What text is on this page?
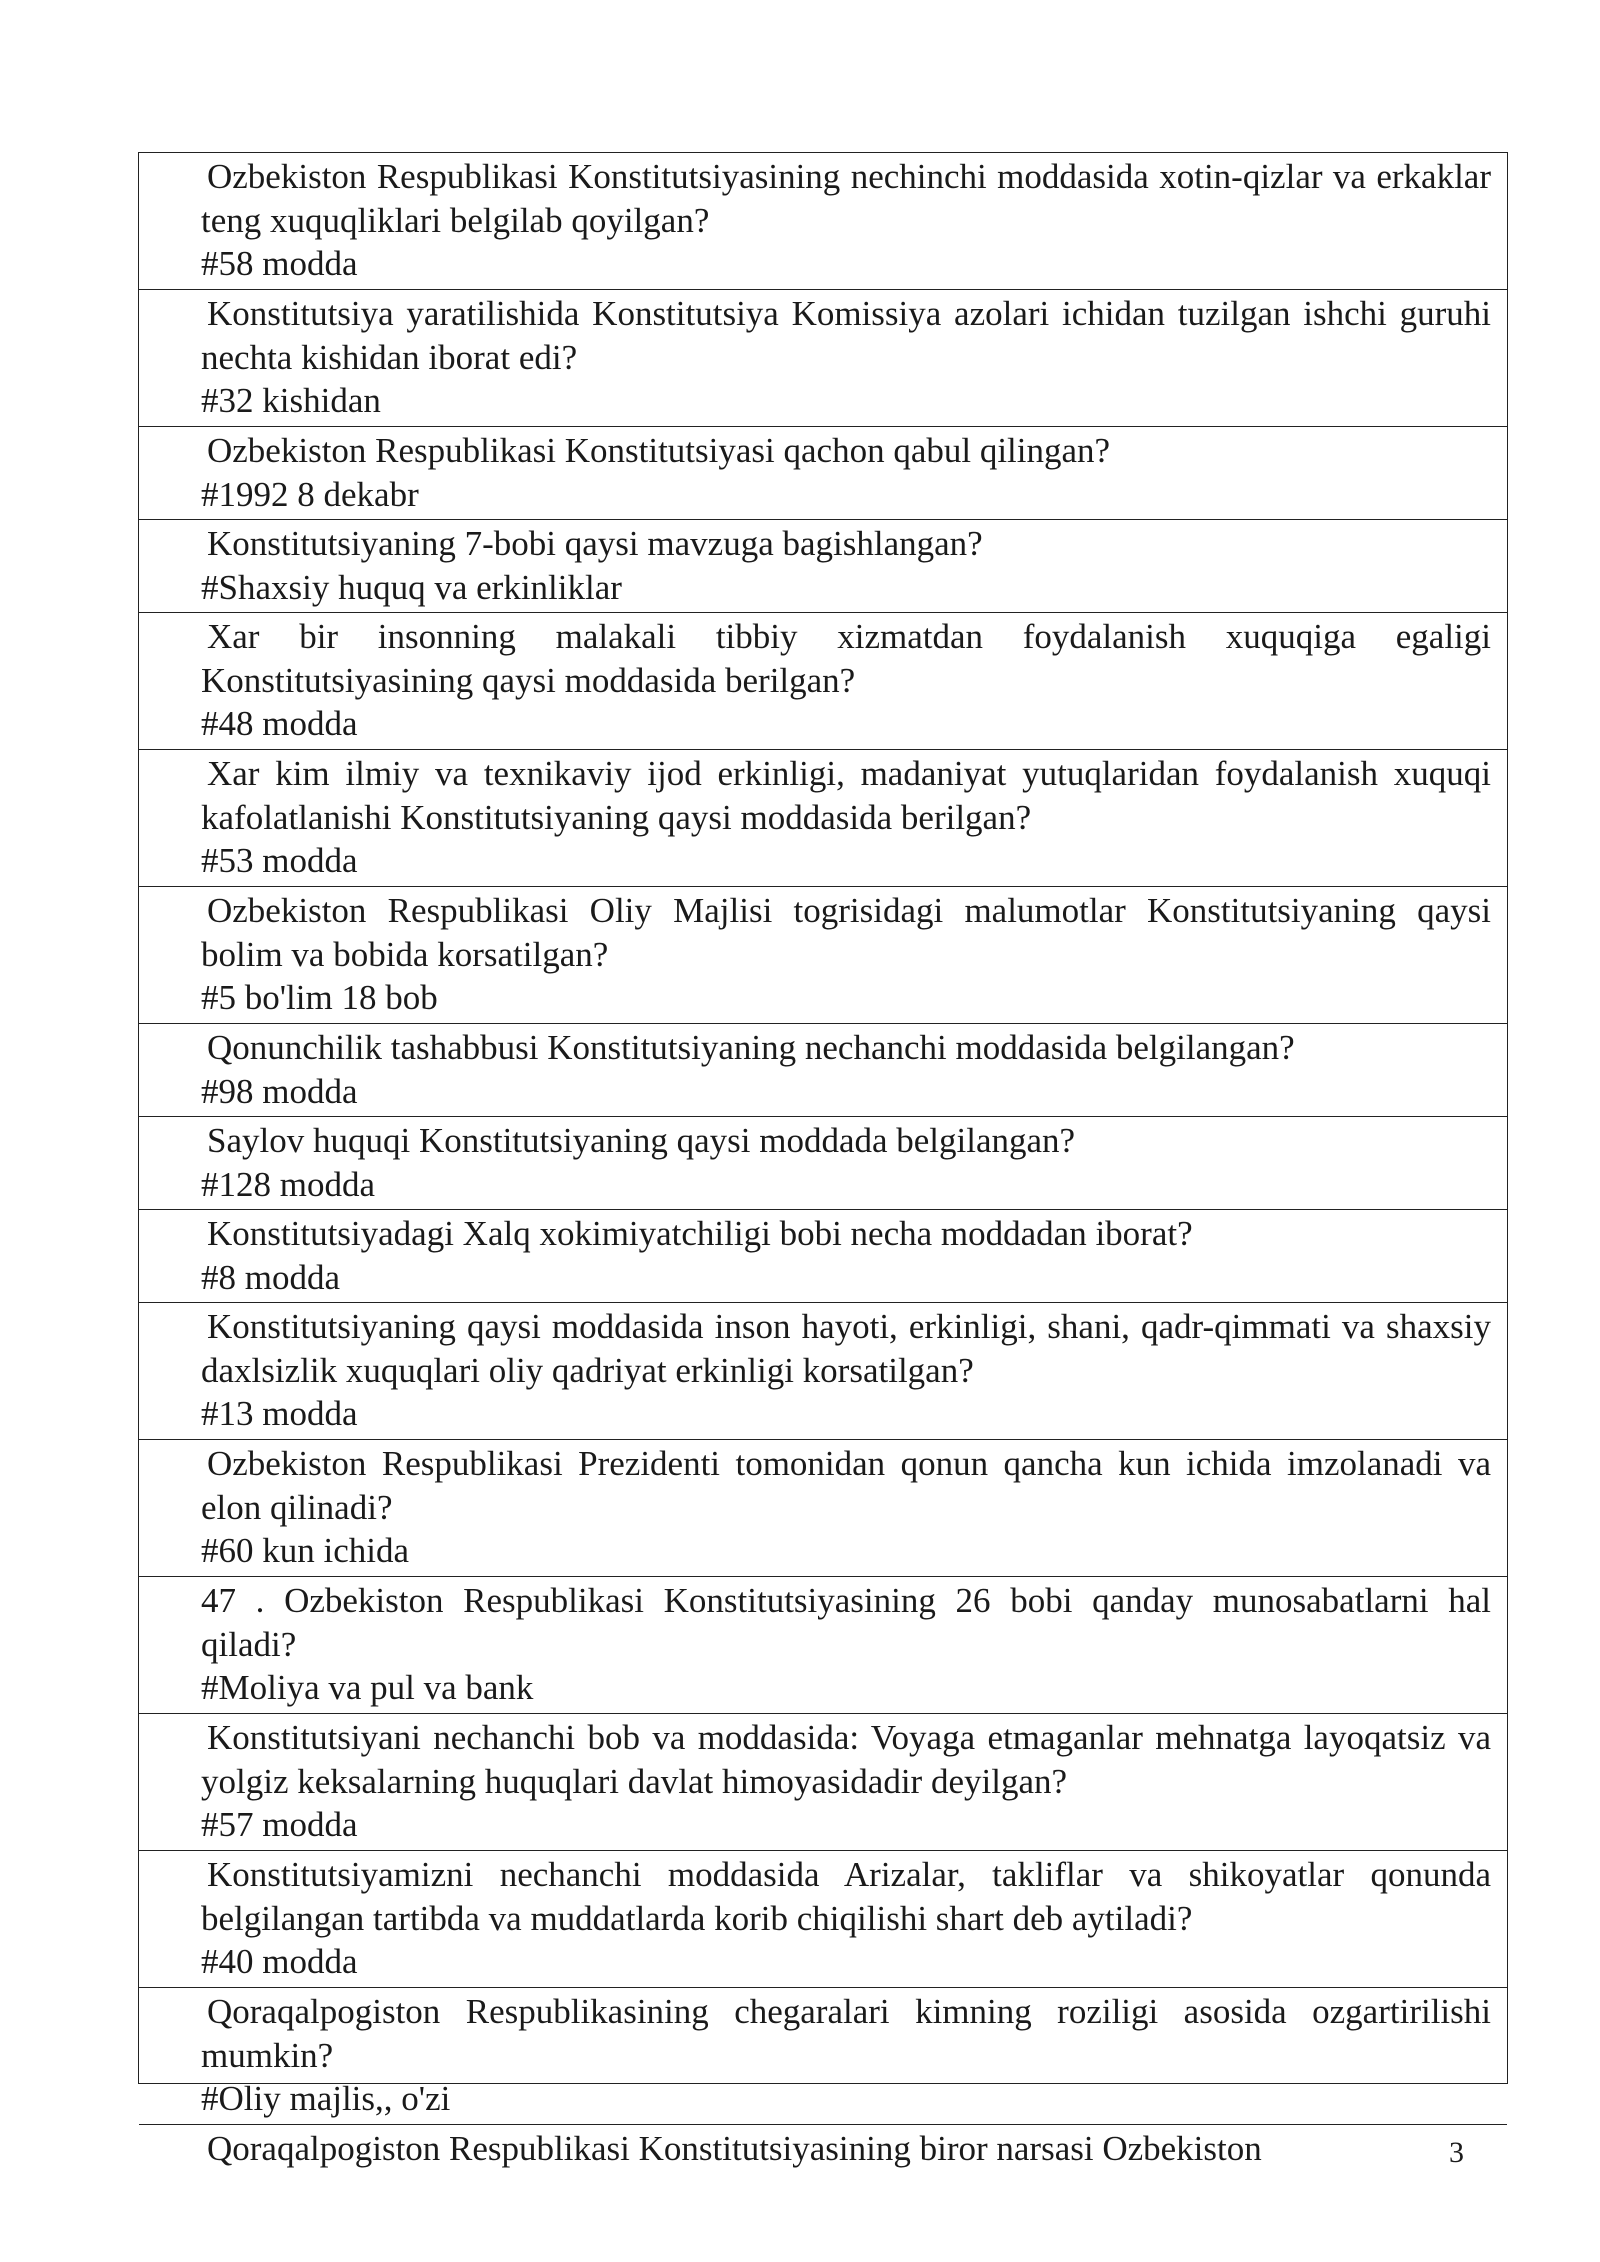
Ozbekiston Respublikasi Konstitutsiyasining nechinchi moddasida xotin-qizlar va erkaklar teng xuquqliklari belgilab qoyilgan?
#58 modda
Konstitutsiya yaratilishida Konstitutsiya Komissiya azolari ichidan tuzilgan ishchi guruhi nechta kishidan iborat edi?
#32 kishidan
Ozbekiston Respublikasi Konstitutsiyasi qachon qabul qilingan?
#1992 8 dekabr
Konstitutsiyaning 7-bobi qaysi mavzuga bagishlangan?
#Shaxsiy huquq va erkinliklar
Xar bir insonning malakali tibbiy xizmatdan foydalanish xuquqiga egaligi Konstitutsiyasining qaysi moddasida berilgan?
#48 modda
Xar kim ilmiy va texnikaviy ijod erkinligi, madaniyat yutuqlaridan foydalanish xuquqi kafolatlanishi Konstitutsiyaning qaysi moddasida berilgan?
#53 modda
Ozbekiston Respublikasi Oliy Majlisi togrisidagi malumotlar Konstitutsiyaning qaysi bolim va bobida korsatilgan?
#5 bo'lim 18 bob
Qonunchilik tashabbusi Konstitutsiyaning nechanchi moddasida belgilangan?
#98 modda
Saylov huquqi Konstitutsiyaning qaysi moddada belgilangan?
#128 modda
Konstitutsiyadagi Xalq xokimiyatchiligi bobi necha moddadan iborat?
#8 modda
Konstitutsiyaning qaysi moddasida inson hayoti, erkinligi, shani, qadr-qimmati va shaxsiy daxlsizlik xuquqlari oliy qadriyat erkinligi korsatilgan?
#13 modda
Ozbekiston Respublikasi Prezidenti tomonidan qonun qancha kun ichida imzolanadi va elon qilinadi?
#60 kun ichida
47 . Ozbekiston Respublikasi Konstitutsiyasining 26 bobi qanday munosabatlarni hal qiladi?
#Moliya va pul va bank
Konstitutsiyani nechanchi bob va moddasida: Voyaga etmaganlar mehnatga layoqatsiz va yolgiz keksalarning huquqlari davlat himoyasidadir deyilgan?
#57 modda
Konstitutsiyamizni nechanchi moddasida Arizalar, takliflar va shikoyatlar qonunda belgilangan tartibda va muddatlarda korib chiqilishi shart deb aytiladi?
#40 modda
Qoraqalpogiston Respublikasining chegaralari kimning roziligi asosida ozgartirilishi mumkin?
#Oliy majlis,, o'zi
Qoraqalpogiston Respublikasi Konstitutsiyasining biror narsasi Ozbekiston	3
